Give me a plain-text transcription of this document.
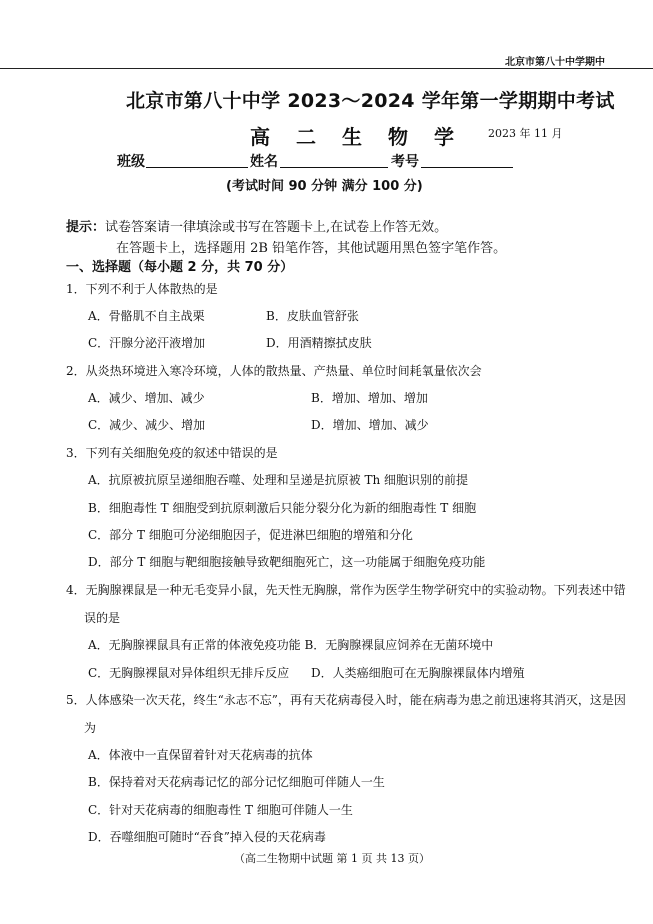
北京市第八十中学期中
北京市第八十中学 2023～2024 学年第一学期期中考试
高二生物学 2023 年 11 月
班级	姓名	考号
(考试时间 90 分钟 满分 100 分)
提示：试卷答案请一律填涂或书写在答题卡上,在试卷上作答无效。
在答题卡上，选择题用 2B 铅笔作答，其他试题用黑色签字笔作答。
一、选择题（每小题 2 分，共 70 分）
1．下列不利于人体散热的是
A．骨骼肌不自主战栗	B．皮肤血管舒张
C．汗腺分泌汗液增加	D．用酒精擦拭皮肤
2．从炎热环境进入寒冷环境，人体的散热量、产热量、单位时间耗氧量依次会
A．减少、增加、减少	B．增加、增加、增加
C．减少、减少、增加	D．增加、增加、减少
3．下列有关细胞免疫的叙述中错误的是
A．抗原被抗原呈递细胞吞噬、处理和呈递是抗原被 Th 细胞识别的前提
B．细胞毒性 T 细胞受到抗原刺激后只能分裂分化为新的细胞毒性 T 细胞
C．部分 T 细胞可分泌细胞因子，促进淋巴细胞的增殖和分化
D．部分 T 细胞与靶细胞接触导致靶细胞死亡，这一功能属于细胞免疫功能
4．无胸腺裸鼠是一种无毛变异小鼠，先天性无胸腺，常作为医学生物学研究中的实验动物。下列表述中错
误的是
A．无胸腺裸鼠具有正常的体液免疫功能 B．无胸腺裸鼠应饲养在无菌环境中
C．无胸腺裸鼠对异体组织无排斥反应 D．人类癌细胞可在无胸腺裸鼠体内增殖
5．人体感染一次天花，终生“永志不忘”，再有天花病毒侵入时，能在病毒为患之前迅速将其消灭，这是因
为
A．体液中一直保留着针对天花病毒的抗体
B．保持着对天花病毒记忆的部分记忆细胞可伴随人一生
C．针对天花病毒的细胞毒性 T 细胞可伴随人一生
D．吞噬细胞可随时“吞食”掉入侵的天花病毒
（高二生物期中试题 第 1 页 共 13 页）
